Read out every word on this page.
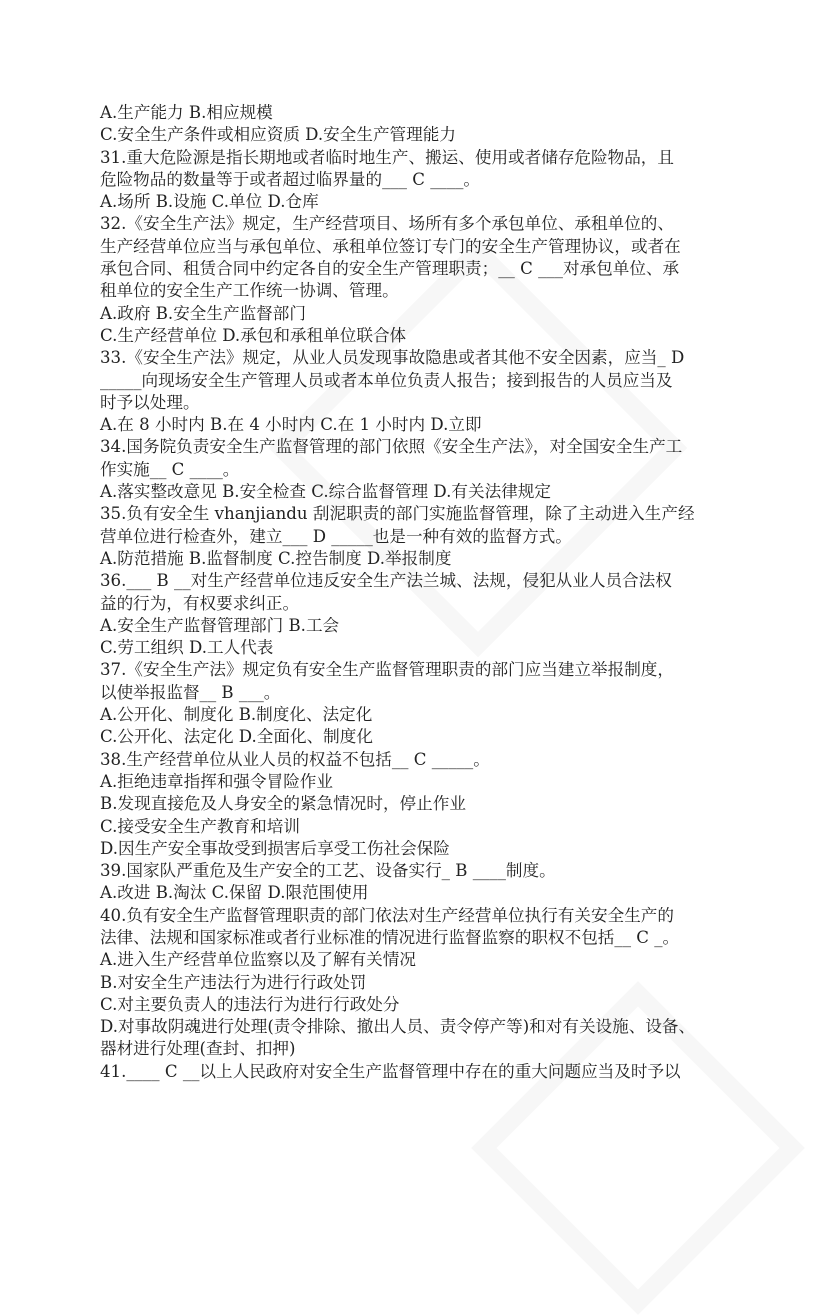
A.生产能力 B.相应规模
C.安全生产条件或相应资质 D.安全生产管理能力
31.重大危险源是指长期地或者临时地生产、搬运、使用或者储存危险物品，且
危险物品的数量等于或者超过临界量的___ C ____。
A.场所 B.设施 C.单位 D.仓库
32.《安全生产法》规定，生产经营项目、场所有多个承包单位、承租单位的、
生产经营单位应当与承包单位、承租单位签订专门的安全生产管理协议，或者在
承包合同、租赁合同中约定各自的安全生产管理职责；__ C ___对承包单位、承
租单位的安全生产工作统一协调、管理。
A.政府 B.安全生产监督部门
C.生产经营单位 D.承包和承租单位联合体
33.《安全生产法》规定，从业人员发现事故隐患或者其他不安全因素，应当_ D
_____向现场安全生产管理人员或者本单位负责人报告；接到报告的人员应当及
时予以处理。
A.在 8 小时内 B.在 4 小时内 C.在 1 小时内 D.立即
34.国务院负责安全生产监督管理的部门依照《安全生产法》，对全国安全生产工
作实施__ C ____。
A.落实整改意见 B.安全检查 C.综合监督管理 D.有关法律规定
35.负有安全生 vhanjiandu 刮泥职责的部门实施监督管理，除了主动进入生产经
营单位进行检查外，建立___ D _____也是一种有效的监督方式。
A.防范措施 B.监督制度 C.控告制度 D.举报制度
36.___ B __对生产经营单位违反安全生产法兰城、法规，侵犯从业人员合法权
益的行为，有权要求纠正。
A.安全生产监督管理部门 B.工会
C.劳工组织 D.工人代表
37.《安全生产法》规定负有安全生产监督管理职责的部门应当建立举报制度，
以使举报监督__ B ___。
A.公开化、制度化 B.制度化、法定化
C.公开化、法定化 D.全面化、制度化
38.生产经营单位从业人员的权益不包括__ C _____。
A.拒绝违章指挥和强令冒险作业
B.发现直接危及人身安全的紧急情况时，停止作业
C.接受安全生产教育和培训
D.因生产安全事故受到损害后享受工伤社会保险
39.国家队严重危及生产安全的工艺、设备实行_ B ____制度。
A.改进 B.淘汰 C.保留 D.限范围使用
40.负有安全生产监督管理职责的部门依法对生产经营单位执行有关安全生产的
法律、法规和国家标准或者行业标准的情况进行监督监察的职权不包括__ C _。
A.进入生产经营单位监察以及了解有关情况
B.对安全生产违法行为进行行政处罚
C.对主要负责人的违法行为进行行政处分
D.对事故阴魂进行处理(责令排除、撤出人员、责令停产等)和对有关设施、设备、
器材进行处理(查封、扣押)
41.____ C __以上人民政府对安全生产监督管理中存在的重大问题应当及时予以
